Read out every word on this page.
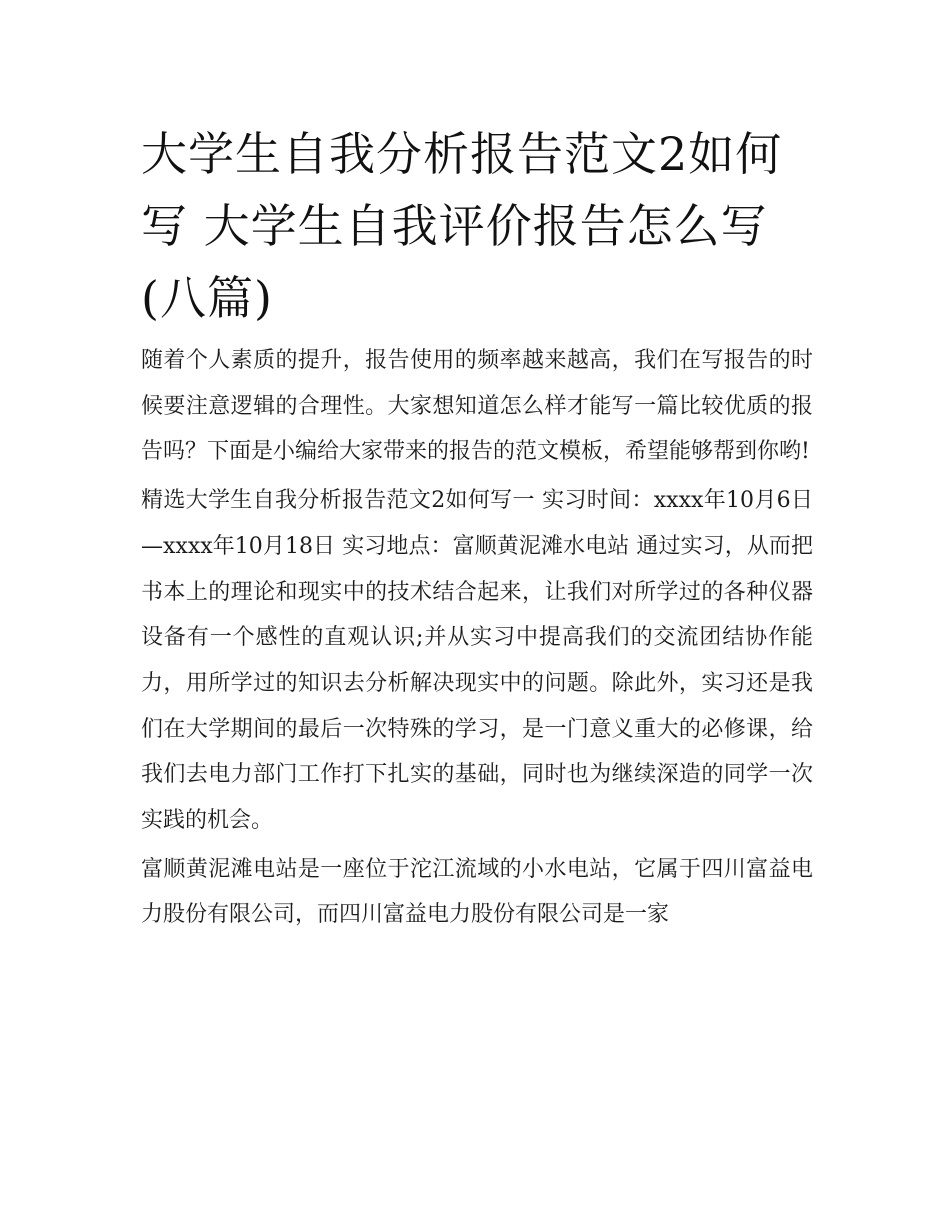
大学生自我分析报告范文2如何写 大学生自我评价报告怎么写(八篇)

随着个人素质的提升，报告使用的频率越来越高，我们在写报告的时候要注意逻辑的合理性。大家想知道怎么样才能写一篇比较优质的报告吗？下面是小编给大家带来的报告的范文模板，希望能够帮到你哟!

精选大学生自我分析报告范文2如何写一 实习时间：xxxx年10月6日—xxxx年10月18日 实习地点：富顺黄泥滩水电站 通过实习，从而把书本上的理论和现实中的技术结合起来，让我们对所学过的各种仪器设备有一个感性的直观认识;并从实习中提高我们的交流团结协作能力，用所学过的知识去分析解决现实中的问题。除此外，实习还是我们在大学期间的最后一次特殊的学习，是一门意义重大的必修课，给我们去电力部门工作打下扎实的基础，同时也为继续深造的同学一次实践的机会。

富顺黄泥滩电站是一座位于沱江流域的小水电站，它属于四川富益电力股份有限公司，而四川富益电力股份有限公司是一家
